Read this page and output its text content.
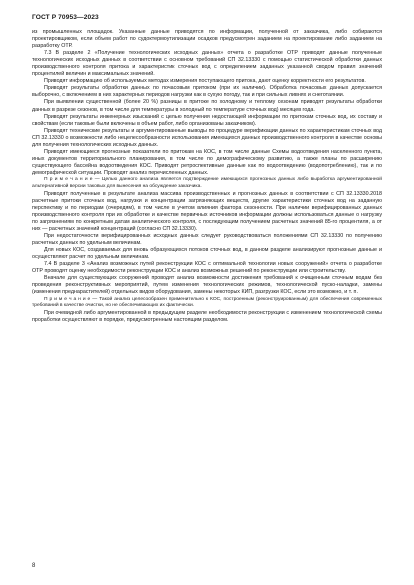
ГОСТ Р 70953—2023

из промышленных площадок. Указанные данные приводятся по информации, полученной от заказчика, либо собираются проектировщиком, если объем работ по судоктермоутилизации осадков предусмотрен заданием на проектирование либо заданием на разработку ОТР.

7.3 В разделе 2 «Получение технологических исходных данных» отчета о разработке ОТР приводят данные полученные технологических исходных данных в соответствии с основном требований СП 32.13330 с помощью статистической обработки данных производственного контроля притока и характеристик сточных вод с определением заданных указанной сводом правил значений процентилей величин и максимальных значений.

Приводят информацию об используемых методах измерения поступающего притока, дают оценку корректности его результатов.

Приводят результаты обработки данных по почасовым притоком (при их наличии). Обработка почасовых данных допускается выборочно, с включением в них характерных периодов нагрузки как в сухую погоду, так и при сильных ливнях и снеготаянии.

При выявлении существенной (более 20 %) разницы в притоке по холодному и теплому сезонам приводят результаты обработки данных в разрезе сезонов, в том числе для температуры в холодный по температуре сточных вод) месяцев года.

Приводят результаты инженерных изысканий с целью получения недостающей информации по притокам сточных вод, их составу и свойствам (если таковые были включены в объем работ, либо организованы заказчиком).

Приводят технические результаты и аргументированные выводы по процедуре верификации данных по характеристикам сточных вод СП 32.13330 о возможности либо нецелесообразности использования имеющихся данных производственного контроля в качестве основы для получения технологических исходных данных.

Приводят имеющиеся прогнозные показатели по притокам на КОС, в том числе данные Схемы водоотведения населенного пункта, иных документов территориального планирования, в том числе по демографическому развитию, а также планы по расширению существующего бассейна водоотведения КОС. Приводят ретроспективные данные как по водоотведению (водопотреблению), так и по демографической ситуации. Проводят анализ перечисленных данных.

П р и м е ч а н и е — Целью данного анализа является подтверждение имеющихся прогнозных данных либо выработка аргументированной альтернативной версии таковых для вынесения на обсуждение заказчика.

Приводят полученные в результате анализа массива производственных и прогнозных данных в соответствии с СП 32.13330.2018 расчетные притоки сточных вод, нагрузки и концентрации загрязняющих веществ, другие характеристики сточных вод на заданную перспективу и по периодам (очередям), в том числе в учетом влияния фактора сезонности. При наличии верифицированных данных производственного контроля при их обработке и качестве первичных источников информации должны использоваться данные о нагрузку по загрязнениям по конкретным датам аналитического контроля, с последующим получением расчетных значений 85-го процентиля, а от них — расчетных значений концентраций (согласно СП 32.13330).

При недостаточности верифицированных исходных данных следует руководствоваться положениями СП 32.13330 по получению расчетных данных по удельным величинам.

Для новых КОС, создаваемых для вновь образующихся потоков сточных вод, в данном разделе анализируют прогнозные данные и осуществляют расчет по удельным величинам.

7.4 В разделе 3 «Анализ возможных путей реконструкции КОС с оптимальной технологии новых сооружений» отчета о разработке ОТР проводят оценку необходимости реконструкции КОС и анализ возможных решений по реконструкции или строительству.

Вначале для существующих сооружений проводят анализ возможности достижения требований к очищенным сточным водам без проведения реконструктивных мероприятий, путем изменения технологических режимов, технологической пуско-наладки, замены (изменения преднарастителей) отдельных видов оборудования, замены некоторых КИП, разгрузки КОС, если это возможно, и т. п.

П р и м е ч а н и е — Такой анализ целесообразен применительно к КОС, построенным (реконструированным) для обеспечения современных требований в качестве очистки, но не обеспечивающих их фактически.

При очевидной либо аргументированной в предыдущем разделе необходимости реконструкции с изменением технологической схемы проработки осуществляют в порядке, предусмотренным настоящим разделом.

8
